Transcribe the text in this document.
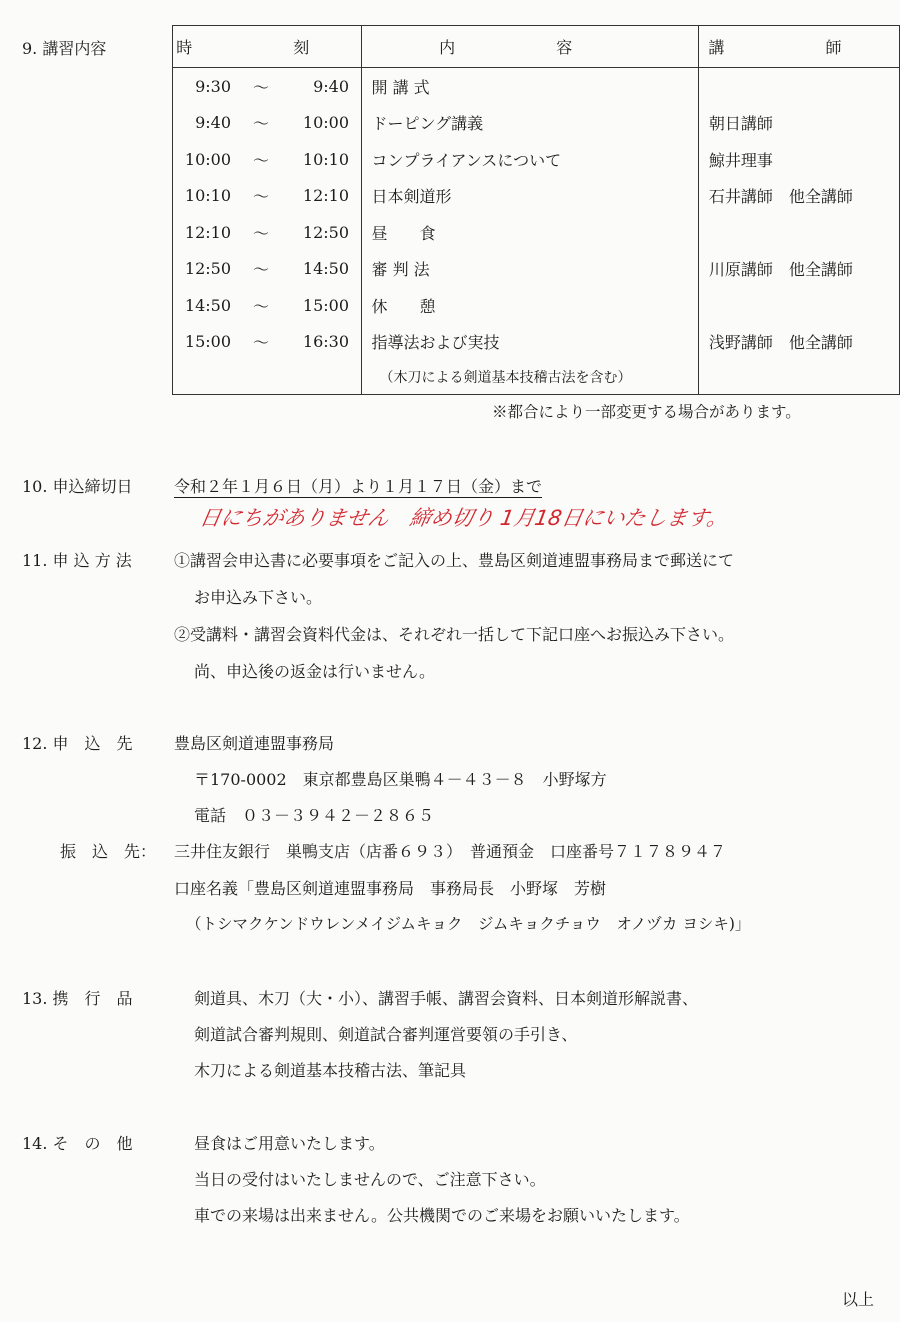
9. 講習内容	時 刻	内 容	講 師

9:30 〜 9:40	開 講 式	

9:40 〜 10:00	ドーピング講義	朝日講師

10:00 〜 10:10	コンプライアンスについて	鯨井理事

10:10 〜 12:10	日本剣道形	石井講師　他全講師

12:10 〜 12:50	昼　　食	

12:50 〜 14:50	審 判 法	川原講師　他全講師

14:50 〜 15:00	休　　憩	

15:00 〜 16:30	指導法および実技	浅野講師　他全講師
	（木刀による剣道基本技稽古法を含む）	
※都合により一部変更する場合があります。
10. 申込締切日	令和２年１月６日（月）より１月１７日（金）まで
日にちがありません　締め切り 1月18日にいたします。
11. 申 込 方 法	①講習会申込書に必要事項をご記入の上、豊島区剣道連盟事務局まで郵送にて
お申込み下さい。
②受講料・講習会資料代金は、それぞれ一括して下記口座へお振込み下さい。
尚、申込後の返金は行いません。
12. 申　込　先	豊島区剣道連盟事務局
〒170-0002　東京都豊島区巣鴨４－４３－８　小野塚方
電話　０３－３９４２－２８６５
振　込　先： 三井住友銀行　巣鴨支店（店番６９３）　普通預金　口座番号７１７８９４７
口座名義「豊島区剣道連盟事務局　事務局長　小野塚　芳樹
（トシマクケンドウレンメイジムキョク　ジムキョクチョウ　オノヅカ ヨシキ)」
13. 携　行　品	剣道具、木刀（大・小）、講習手帳、講習会資料、日本剣道形解説書、
剣道試合審判規則、剣道試合審判運営要領の手引き、
木刀による剣道基本技稽古法、筆記具
14. そ　の　他	昼食はご用意いたします。
当日の受付はいたしませんので、ご注意下さい。
車での来場は出来ません。公共機関でのご来場をお願いいたします。
以上
